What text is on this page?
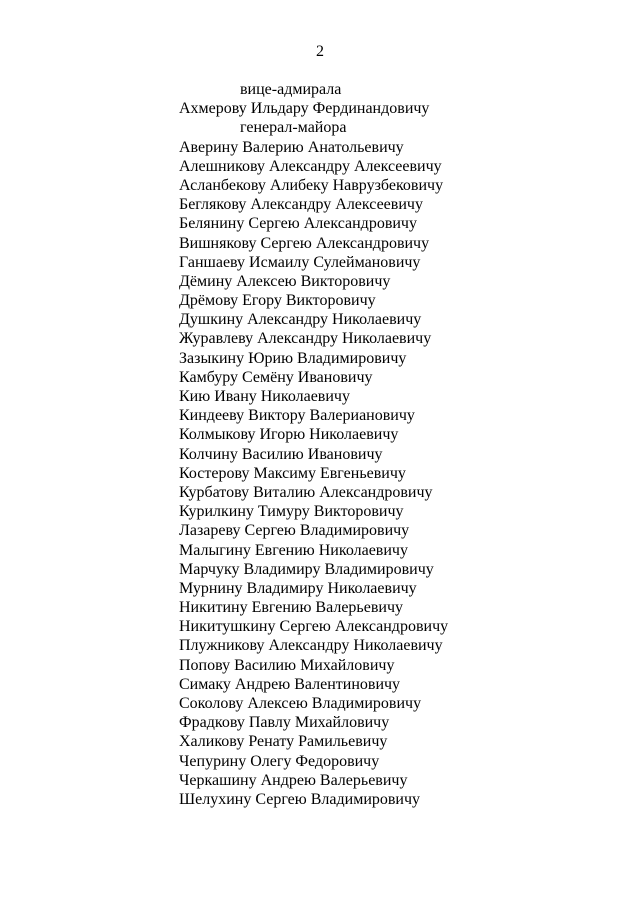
2
вице-адмирала
Ахмерову Ильдару Фердинандовичу
генерал-майора
Аверину Валерию Анатольевичу
Алешникову Александру Алексеевичу
Асланбекову Алибеку Наврузбековичу
Беглякову Александру Алексеевичу
Белянину Сергею Александровичу
Вишнякову Сергею Александровичу
Ганшаеву Исмаилу Сулеймановичу
Дёмину Алексею Викторовичу
Дрёмову Егору Викторовичу
Душкину Александру Николаевичу
Журавлеву Александру Николаевичу
Зазыкину Юрию Владимировичу
Камбуру Семёну Ивановичу
Кию Ивану Николаевичу
Киндееву Виктору Валериановичу
Колмыкову Игорю Николаевичу
Колчину Василию Ивановичу
Костерову Максиму Евгеньевичу
Курбатову Виталию Александровичу
Курилкину Тимуру Викторовичу
Лазареву Сергею Владимировичу
Малыгину Евгению Николаевичу
Марчуку Владимиру Владимировичу
Мурнину Владимиру Николаевичу
Никитину Евгению Валерьевичу
Никитушкину Сергею Александровичу
Плужникову Александру Николаевичу
Попову Василию Михайловичу
Симаку Андрею Валентиновичу
Соколову Алексею Владимировичу
Фрадкову Павлу Михайловичу
Халикову Ренату Рамильевичу
Чепурину Олегу Федоровичу
Черкашину Андрею Валерьевичу
Шелухину Сергею Владимировичу
